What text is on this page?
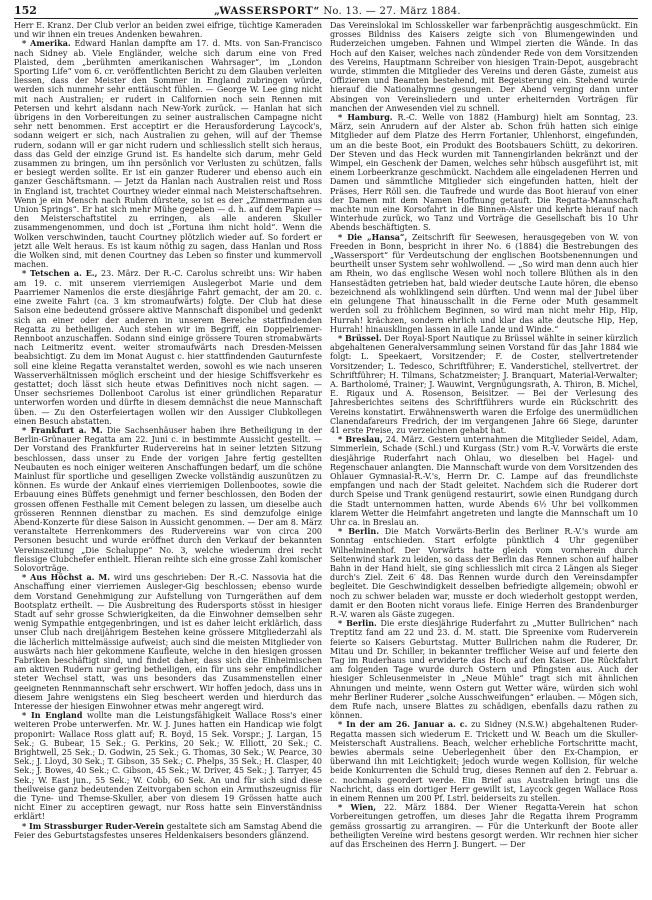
152	„WASSERSPORT“ No. 13. — 27. März 1884.

Herr E. Kranz. Der Club verlor an beiden zwei eifrige, tüchtige Kameraden und wir ihnen ein treues Andenken bewahren.

* Amerika. Edward Hanlan dampfte am 17. d. Mts. von San-Francisco nach Sidney ab. Viele Engländer, welche sich darum eine von Fred Plaisted, dem „berühmten amerikanischen Wahrsager“, im „London Sporting Life“ vom 6. cr. veröffentlichten Bericht zu dem Glauben verleiten liessen, dass der Meister den Sommer in England zubringen würde, werden sich nunmehr sehr enttäuscht fühlen. — George W. Lee ging nicht mit nach Australien; er rudert in Californien noch sein Rennen mit Petersen und kehrt alsdann nach New-York zurück. — Hanlan hat sich übrigens in den Vorbereitungen zu seiner australischen Campagne nicht sehr nett benommen. Erst acceptirt er die Herausforderung Laycock's, sodann weigert er sich, nach Australien zu gehen, will auf der Themse rudern, sodann will er gar nicht rudern und schliesslich stellt sich heraus, dass das Geld der einzige Grund ist. Es handelte sich darum, mehr Geld zusammen zu bringen, um ihn persönlich vor Verlusten zu schützen, falls er besiegt werden sollte. Er ist ein ganzer Ruderer und ebenso auch ein ganzer Geschäftsmann. — Jetzt da Hanlan nach Australien reist und Ross in England ist, trachtet Courtney wieder einmal nach Meisterschaftsehren. Wenn je ein Mensch nach Ruhm dürstete, so ist es der „Zimmermann aus Union Springs“. Er hat sich mehr Mühe gegeben — d. h. auf dem Papier — den Meisterschaftstitel zu erringen, als alle anderen Skuller zusammengenommen, und doch ist „Fortuna ihm nicht hold“. Wenn die Wolken verschwinden, taucht Courtney plötzlich wieder auf. So fordert er jetzt alle Welt heraus. Es ist kaum nöthig zu sagen, dass Hanlan und Ross die Wolken sind, mit denen Courtney das Leben so finster und kummervoll machen.

* Tetschen a. E., 23. März. Der R.-C. Carolus schreibt uns: Wir haben am 19. c. mit unserem vierriemigen Auslegerbot Marie und dem Paarriemer Namenlos die erste diesjährige Fahrt gemacht, der am 20. c. eine zweite Fahrt (ca. 3 km stromaufwärts) folgte. Der Club hat diese Saison eine bedeutend grössere aktive Mannschaft disponibel und gedenkt sich an einer oder der anderen in unserem Bereiche stattfindenden Regatta zu betheiligen. Auch stehen wir im Begriff, ein Doppelriemer-Rennboot anzuschaffen. Sodann sind einige grössere Touren stromabwärts nach Leitmeritz event. weiter stromaufwärts nach Dresden-Meissen beabsichtigt. Zu dem im Monat August c. hier stattfindenden Gauturnfeste soll eine kleine Regatta veranstaltet werden, sowohl es wie nach unseren Wasserverhältnissen möglich erscheint und der hiesige Schiffsverkehr es gestattet; doch lässt sich heute etwas Definitives noch nicht sagen. — Unser sechsriemes Dollenboot Carolus ist einer gründlichen Reparatur unterworfen worden und dürfte in diesem demnächst die neue Mannschaft üben. — Zu den Osterfeiertagen wollen wir den Aussiger Clubkollegen einen Besuch abstatten.

* Frankfurt a. M. Die Sachsenhäuser haben ihre Betheiligung in der Berlin-Grünauer Regatta am 22. Juni c. in bestimmte Aussicht gestellt. — Der Vorstand des Frankfurter Rudervereins hat in seiner letzten Sitzung beschlossen, dass unser zu Ende der vorigen Jahre fertig gestellten Neubauten es noch einiger weiteren Anschaffungen bedarf, um die schöne Mainlust für sportliche und geselligen Zwecke vollständig auszunützen zu können. Es wurde der Ankauf eines vierriemigen Dollenbootes, sowie die Erbauung eines Büffets genehmigt und ferner beschlossen, den Boden der grossen offenen Festhalle mit Cement belegen zu lassen, um dieselbe auch grösseren Rennnen dienstbar zu machen. Es sind demzufolge einige Abend-Konzerte für diese Saison in Aussicht genommen. — Der am 8. März veranstaltete Herrenkommers des Rudervereins war von circa 200 Personen besucht und wurde eröffnet durch den Verkauf der bekannten Vereinszeitung „Die Schaluppe“ No. 3, welche wiederum drei recht fleissige Clubchefer enthielt. Hieran reihte sich eine grosse Zahl komischer Solovorträge.

* Aus Höchst a. M. wird uns geschrieben: Der R.-C. Nassovia hat die Anschaffung einer vierriemen Ausleger-Gig beschlossen; ebenso wurde dem Vorstand Genehmigung zur Aufstellung von Turngeräthen auf dem Bootsplatz ertheilt. — Die Ausbreitung des Rudersports stösst in hiesiger Stadt auf sehr grosse Schwierigkeiten, da die Einwohner demselben sehr wenig Sympathie entgegenbringen, und ist es daher leicht erklärlich, dass unser Club nach dreijährigem Bestehen keine grössere Mitgliederzahl als die lächerlich mittelmässige aufweist; auch sind die meisten Mitglieder von auswärts nach hier gekommene Kaufleute, welche in den hiesigen grossen Fabriken beschäftigt sind, und findet daher, dass sich die Einheimischen am aktiven Rudern nur gering betheiligen, ein für uns sehr empfindlicher steter Wechsel statt, was uns besonders das Zusammenstellen einer geeigneten Rennmannschaft sehr erschwert. Wir hoffen jedoch, dass uns in diesem Jahre wenigstens ein Sieg bescheert werden und hierdurch das Interesse der hiesigen Einwohner etwas mehr angeregt wird.

* In England wollte man die Leistungsfähigkeit Wallace Ross's einer weiteren Probe unterwerfen. Mr. W. J. Junes hatten ein Handicap wie folgt proponirt: Wallace Ross glatt auf; R. Boyd, 15 Sek. Vorspr.; J. Largan, 15 Sek.; G. Bubear, 15 Sek.; G. Perkins, 20 Sek.; W. Elliott, 20 Sek.; C. Brightwell, 25 Sek.; D. Godwin, 25 Sek.; G. Thomas, 30 Sek.; W. Pearce, 30 Sek.; J. Lloyd, 30 Sek.; T. Gibson, 35 Sek.; C. Phelps, 35 Sek.; H. Clasper, 40 Sek.; J. Bowes, 40 Sek.; C. Gibson, 45 Sek.; W. Driver, 45 Sek.; J. Tarryer, 45 Sek.; W. East jun., 55 Sek.; W. Cobb, 60 Sek. An und für sich sind diese theilweise ganz bedeutenden Zeitvorgaben schon ein Armuthszeugniss für die Tyne- und Themse-Skuller, aber von diesem 19 Grössen hatte auch nicht Einer zu acceptiren gewagt, nur Ross hatte sein Einverständniss erklärt!

* Im Strassburger Ruder-Verein gestaltete sich am Samstag Abend die Feier des Geburtstagsfestes unseres Heldenkaisers besonders glänzend.

Das Vereinslokal im Schlosskeller war farbenprächtig ausgeschmückt. Ein grosses Bildniss des Kaisers zeigte sich von Blumengewinden und Ruderzeichen umgeben. Fahnen und Wimpel zierten die Wände. In das Hoch auf den Kaiser, welches nach zündender Rede von dem Vorsitzenden des Vereins, Hauptmann Schreiber von hiesigen Train-Depot, ausgebracht wurde, stimmten die Mitglieder des Vereins und deren Gäste, zumeist aus Offizieren und Beamten bestehend, mit Begeisterung ein. Stehend wurde hierauf die Nationalhymne gesungen. Der Abend verging dann unter Absingen von Vereinsliedern und unter erheiternden Vorträgen für manchen der Anwesenden viel zu schnell.

* Hamburg. R.-C. Welle von 1882 (Hamburg) hielt am Sonntag, 23. März, sein Anrudern auf der Alster ab. Schon früh hatten sich einige Mitglieder auf dem Platze des Herrn Fortanier, Uhlenhorst, eingefunden, um an die beste Boot, ein Produkt des Bootsbauers Schütt, zu dekoriren. Der Steven und das Heck wurden mit Tannengirlanden bekränzt und der Wimpel, ein Geschenk der Damen, welches sehr hübsch ausgeführt ist, mit einem Lorbeerkranze geschmückt. Nachdem alle eingeladenen Herren und Damen und sämmtliche Mitglieder sich eingefunden hatten, hielt der Präses, Herr Röll sen. die Taufrede und wurde das Boot hierauf von einer der Damen mit dem Namen Hoffnung getauft. Die Regatta-Mannschaft machte nun eine Korsofahrt in die Binnen-Alster und kehrte hierauf nach Winterhude zurück, wo Tanz und Vorträge die Gesellschaft bis 10 Uhr Abends beschäftigten. S.

* Die „Hansa“, Zeitschrift für Seewesen, herausgegeben von W. von Freeden in Bonn, bespricht in ihrer No. 6 (1884) die Bestrebungen des „Wassersport“ für Verdeutschung der englischen Bootsbenennungen und beurtheilt unser System sehr wohlwollend. — „So wird man denn auch hier am Rhein, wo das englische Wesen wohl noch tollere Blüthen als in den Hansestädten getrieben hat, bald wieder deutsche Laute hören, die ebenso bezeichnend als wohlklingend sein dürften. Und wenn mal der Jubel über ein gelungene That hinausschallt in die Ferne oder Muth gesammelt werden soll zu fröhlichem Beginnen, so wird man nicht mehr Hip, Hip, Hurrah! krächzen, sondern ehrlich und klar das alte deutsche Hip, Hep, Hurrah! hinausklingen lassen in alle Lande und Winde.“

* Brüssel. Der Royal-Sport Nautique zu Brüssel wählte in seiner kürzlich abgehaltenen Generalversammlung seinen Vorstand für das Jahr 1884 wie folgt: L. Speekaert, Vorsitzender; F. de Coster, stellvertretender Vorsitzender; L. Tedesco, Schriftführer; E. Vanderstichel, stellvertret. der Schriftführer; H. Tilmans, Schatzmeister; J. Branquart, Material-Verwalter; A. Bartholomé, Trainer; J. Wauwint, Vergnügungsrath, A. Thiron, B. Michel, E. Rigaux und A. Rosenson, Beisitzer. — Bei der Verlesung des Jahresberichtes seitens des Schriftführers wurde ein Rückschritt des Vereins konstatirt. Erwähnenswerth waren die Erfolge des unermüdlichen Clanendafareurs Fredrich, der im vergangenen Jahre 66 Siege, darunter 41 erste Preise, zu verzeichnen gehabt hat.

* Breslau, 24. März. Gestern unternahmen die Mitglieder Seidel, Adam, Simmerlein, Schade (Schl.) und Kurgass (Str.) vom R.-V. Vorwärts die erste diesjährige Ruderfahrt nach Ohlau, wo dieselben bei Hagel- und Regenschauer anlangten. Die Mannschaft wurde von dem Vorsitzenden des Ohlauer Gymnasial-R.-V.'s, Herrn Dr. C. Lampe auf das freundlichste empfangen und nach der Stadt geleitet. Nachdem sich die Ruderer dort durch Speise und Trank genügend restaurirt, sowie einen Rundgang durch die Stadt unternommen hatten, wurde Abends 6½ Uhr bei vollkommen klarem Wetter die Heimfahrt angetreten und langte die Mannschaft um 10 Uhr ca. in Breslau an.

* Berlin. Die Match Vorwärts-Berlin des Berliner R.-V.'s wurde am Sonntag entschieden. Start erfolgte pünktlich 4 Uhr gegenüber Wilhelminenhof. Der Vorwärts hatte gleich vom vornherein durch Seitenwind stark zu leiden, so dass der Berlin das Rennen schon auf halber Bahn in der Hand hielt, sie ging schliesslich mit circa 2 Längen als Sieger durch's Ziel. Zeit 6′ 48. Das Rennen wurde durch den Vereinsdampfer begleitet. Die Geschwindigkeit desselben befriedigte allgemein; obwohl er noch zu schwer beladen war, musste er doch wiederholt gestoppt werden, damit er den Booten nicht voraus liefe. Einige Herren des Brandenburger R.-V. waren als Gäste zugegen.

* Berlin. Die erste diesjährige Ruderfahrt zu „Mutter Bullrichen“ nach Treptitz fand am 22 und 23. d. M. statt. Die Spreenixe vom Ruderverein feierte so Kaisers Geburtstag. Mutter Bullrichen nahm die Ruderer, Dr. Mitau und Dr. Schiller, in bekannter trefflicher Weise auf und feierte den Tag im Ruderhaus und erwiderte das Hoch auf den Kaiser. Die Rückfahrt am folgenden Tage wurde durch Ostern und Pfingsten aus. Auch der hiesiger Schleusenmeister in „Neue Mühle“ tragt sich mit ähnlichen Ahnungen und meinte, wenn Ostern gut Wetter wäre, würden sich wohl mehr Berliner Ruderer „solche Ausschweifungen“ erlauben. — Mögen sich, dem Rufe nach, unsere Blattes zu schädigen, ebenfalls dazu rathen zu können.

* In der am 26. Januar a. c. zu Sidney (N.S.W.) abgehaltenen Ruder-Regatta massen sich wiederum E. Trickett und W. Beach um die Skuller-Meisterschaft Australiens. Beach, welcher erhebliche Fortschritte macht, bewies abermals seine Ueberlegenheit über den Ex-Champion, er überwand ihn mit Leichtigkeit; jedoch wurde wegen Kollision, für welche beide Konkurrenten die Schuld trug, dieses Rennen auf den 2. Februar a. c. nochmals geordert werde. Ein Brief aus Australien bringt uns die Nachricht, dass ein dortiger Herr gewillt ist, Laycock gegen Wallace Ross in einem Rennen um 200 Pf. Lstrl. beiderseits zu stellen.

* Wien, 22. März 1884. Der Wiener Regatta-Verein hat schon Vorbereitungen getroffen, um dieses Jahr die Regatta ihrem Programm gemäss grossartig zu arrangiren. — Für die Unterkunft der Boote aller betheiligten Vereine wird bestens gesorgt werden. Wir rechnen hier sicher auf das Erscheinen des Herrn J. Bungert. — Der
